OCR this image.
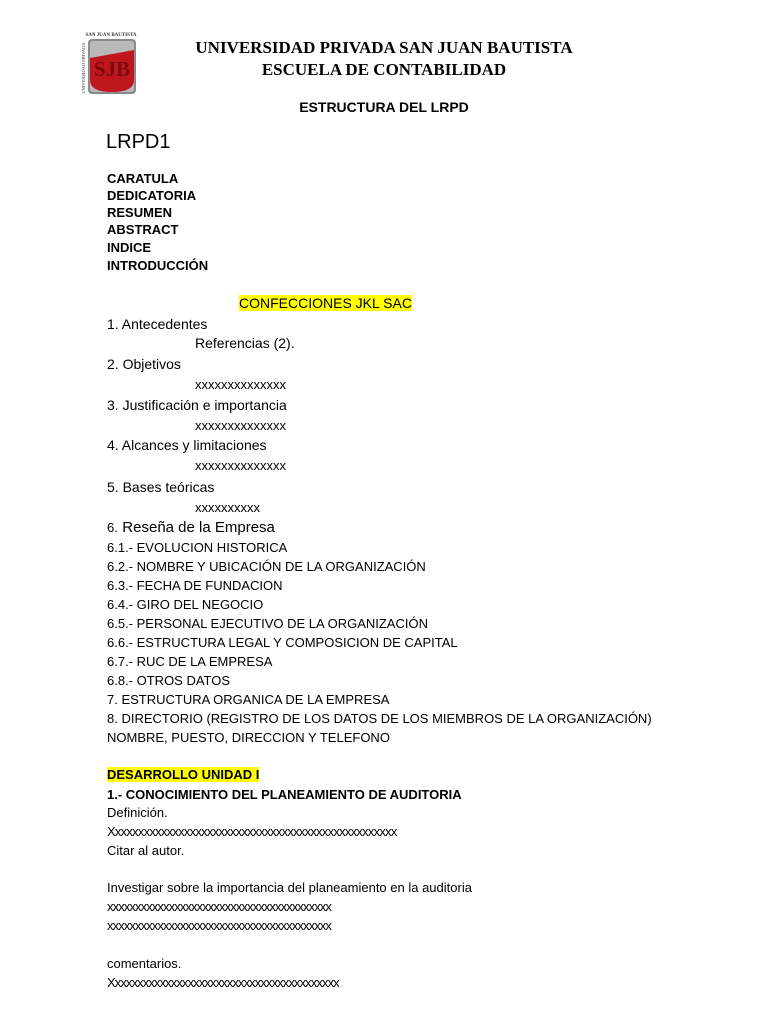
SAN JUAN BAUTISTA
UNIVERSIDAD PRIVADA SJB
UNIVERSIDAD PRIVADA SAN JUAN BAUTISTA
ESCUELA DE CONTABILIDAD
ESTRUCTURA DEL LRPD
LRPD1
CARATULA
DEDICATORIA
RESUMEN
ABSTRACT
INDICE
INTRODUCCIÓN
CONFECCIONES JKL SAC
1. Antecedentes
Referencias (2).
2. Objetivos
xxxxxxxxxxxxxx
3. Justificación e importancia
xxxxxxxxxxxxxx
4. Alcances y limitaciones
xxxxxxxxxxxxxx
5. Bases teóricas
xxxxxxxxxx
6. Reseña de la Empresa
6.1.- EVOLUCION HISTORICA
6.2.- NOMBRE Y UBICACIÓN DE LA ORGANIZACIÓN
6.3.- FECHA DE FUNDACION
6.4.- GIRO DEL NEGOCIO
6.5.- PERSONAL EJECUTIVO DE LA ORGANIZACIÓN
6.6.- ESTRUCTURA LEGAL Y COMPOSICION DE CAPITAL
6.7.- RUC DE LA EMPRESA
6.8.- OTROS DATOS
7. ESTRUCTURA ORGANICA DE LA EMPRESA
8. DIRECTORIO (REGISTRO DE LOS DATOS DE LOS MIEMBROS DE LA ORGANIZACIÓN)
NOMBRE, PUESTO, DIRECCION Y TELEFONO
DESARROLLO UNIDAD I
1.- CONOCIMIENTO DEL PLANEAMIENTO DE AUDITORIA
Definición.
Xxxxxxxxxxxxxxxxxxxxxxxxxxxxxxxxxxxxxxxxxxxxxxxxxx
Citar al autor.
Investigar sobre la importancia del planeamiento en la auditoria
xxxxxxxxxxxxxxxxxxxxxxxxxxxxxxxxxxxxxxxx
xxxxxxxxxxxxxxxxxxxxxxxxxxxxxxxxxxxxxxxx
comentarios.
Xxxxxxxxxxxxxxxxxxxxxxxxxxxxxxxxxxxxxxxxx
